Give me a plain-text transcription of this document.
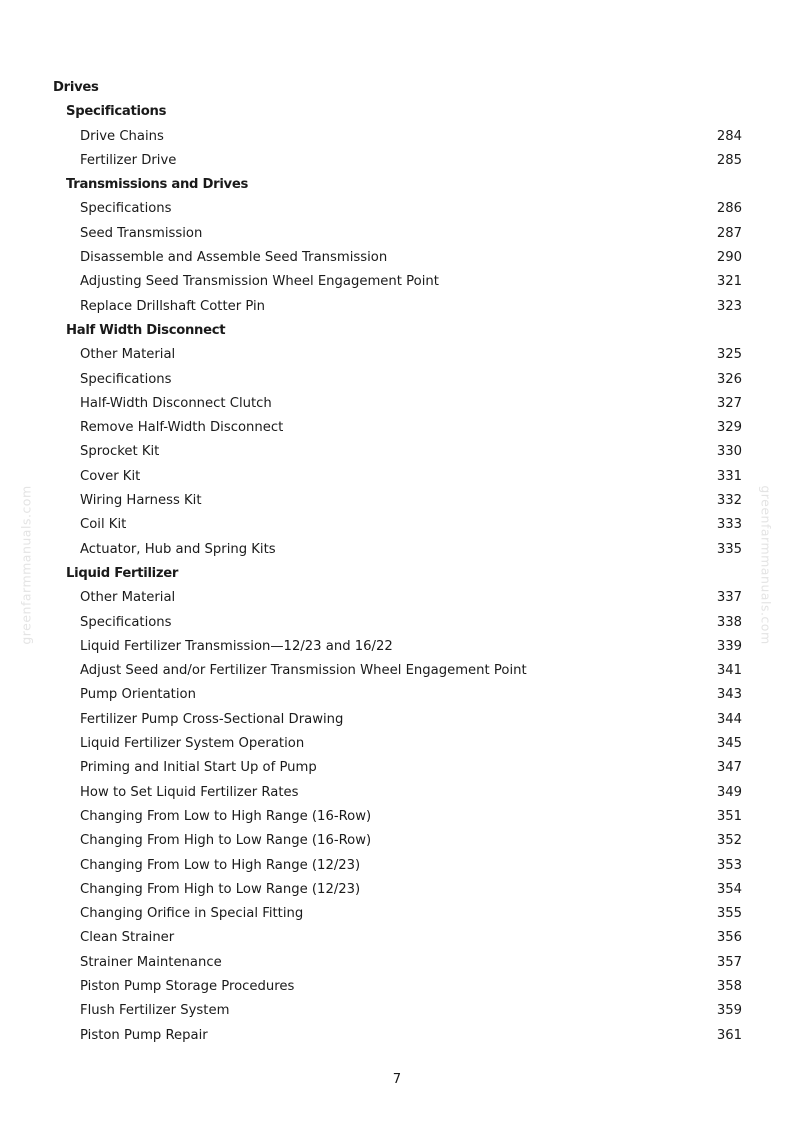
greenfarmmanuals.com	greenfarmmanuals.com
Drives
Specifications
Drive Chains	284
Fertilizer Drive	285
Transmissions and Drives
Specifications	286
Seed Transmission	287
Disassemble and Assemble Seed Transmission	290
Adjusting Seed Transmission Wheel Engagement Point	321
Replace Drillshaft Cotter Pin	323
Half Width Disconnect
Other Material	325
Specifications	326
Half-Width Disconnect Clutch	327
Remove Half-Width Disconnect	329
Sprocket Kit	330
Cover Kit	331
Wiring Harness Kit	332
Coil Kit	333
Actuator, Hub and Spring Kits	335
Liquid Fertilizer
Other Material	337
Specifications	338
Liquid Fertilizer Transmission—12/23 and 16/22	339
Adjust Seed and/or Fertilizer Transmission Wheel Engagement Point	341
Pump Orientation	343
Fertilizer Pump Cross-Sectional Drawing	344
Liquid Fertilizer System Operation	345
Priming and Initial Start Up of Pump	347
How to Set Liquid Fertilizer Rates	349
Changing From Low to High Range (16-Row)	351
Changing From High to Low Range (16-Row)	352
Changing From Low to High Range (12/23)	353
Changing From High to Low Range (12/23)	354
Changing Orifice in Special Fitting	355
Clean Strainer	356
Strainer Maintenance	357
Piston Pump Storage Procedures	358
Flush Fertilizer System	359
Piston Pump Repair	361
7
